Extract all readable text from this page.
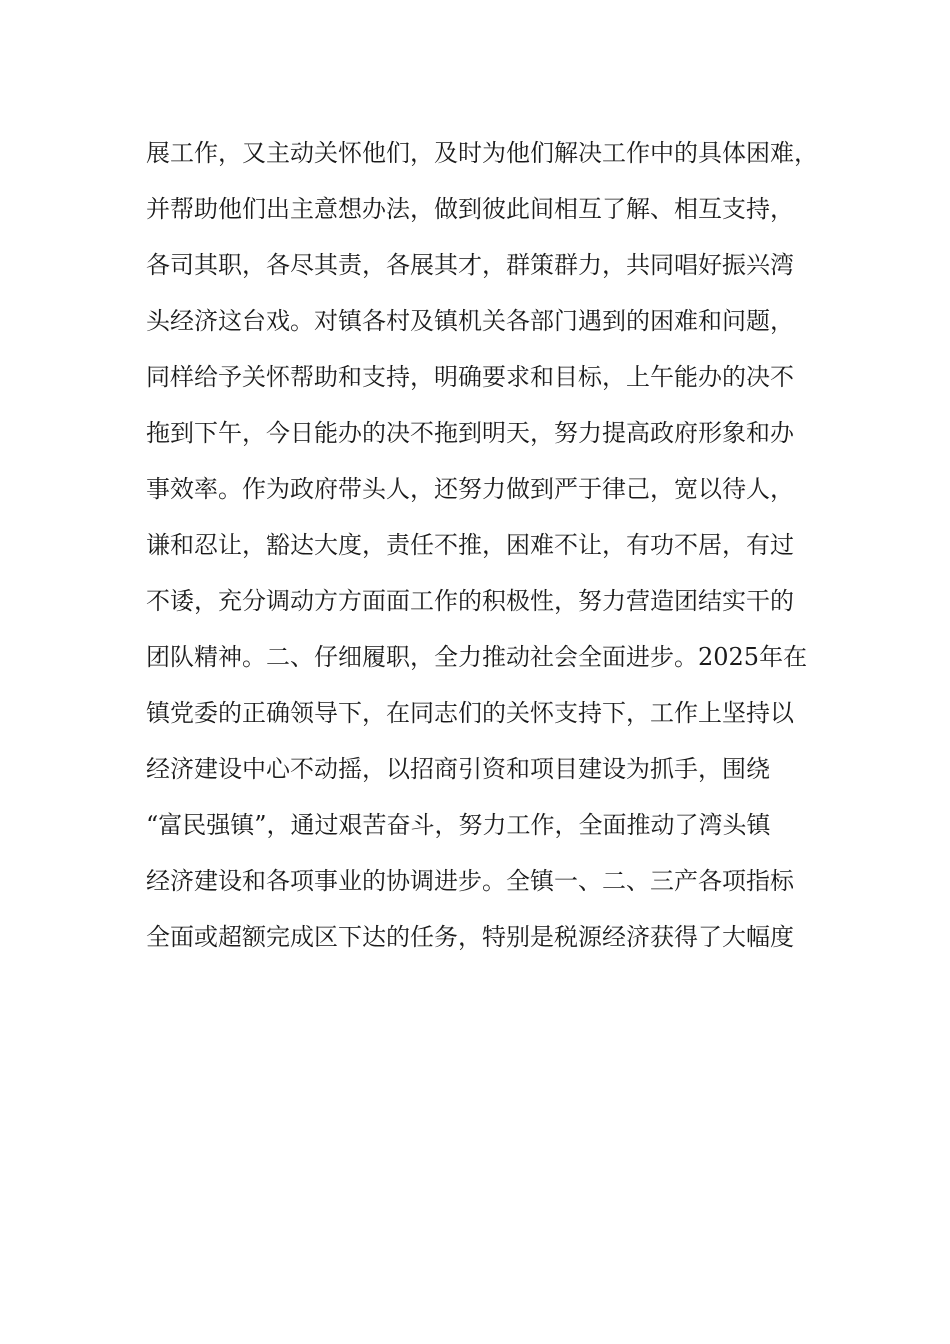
展工作，又主动关怀他们，及时为他们解决工作中的具体困难，
并帮助他们出主意想办法，做到彼此间相互了解、相互支持，
各司其职，各尽其责，各展其才，群策群力，共同唱好振兴湾
头经济这台戏。对镇各村及镇机关各部门遇到的困难和问题，
同样给予关怀帮助和支持，明确要求和目标，上午能办的决不
拖到下午，今日能办的决不拖到明天，努力提高政府形象和办
事效率。作为政府带头人，还努力做到严于律己，宽以待人，
谦和忍让，豁达大度，责任不推，困难不让，有功不居，有过
不诿，充分调动方方面面工作的积极性，努力营造团结实干的
团队精神。二、仔细履职，全力推动社会全面进步。2025年在
镇党委的正确领导下，在同志们的关怀支持下，工作上坚持以
经济建设中心不动摇，以招商引资和项目建设为抓手，围绕
“富民强镇”，通过艰苦奋斗，努力工作，全面推动了湾头镇
经济建设和各项事业的协调进步。全镇一、二、三产各项指标
全面或超额完成区下达的任务，特别是税源经济获得了大幅度
